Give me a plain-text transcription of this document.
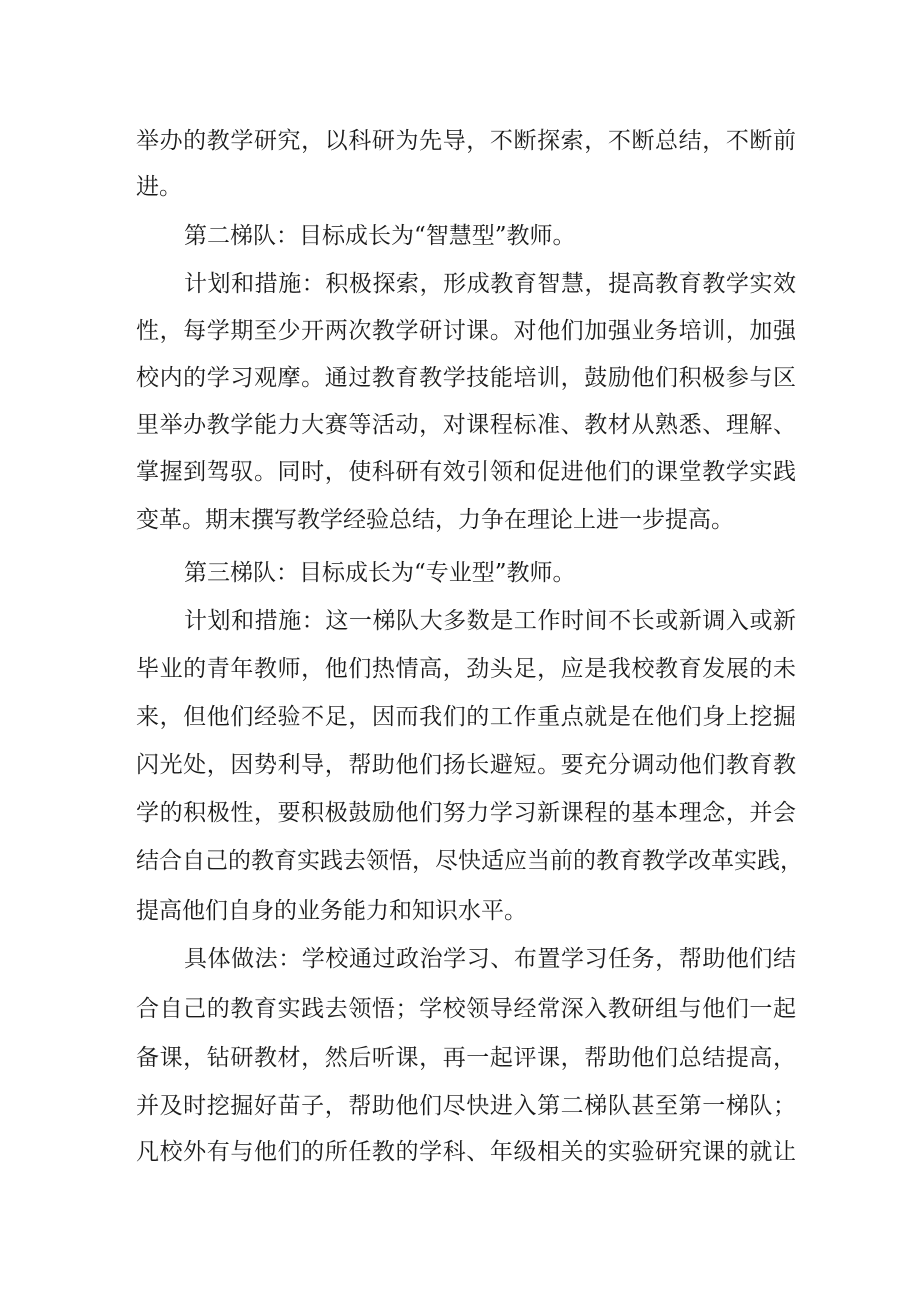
举办的教学研究，以科研为先导，不断探索，不断总结，不断前
进。
第二梯队：目标成长为“智慧型”教师。
计划和措施：积极探索，形成教育智慧，提高教育教学实效
性，每学期至少开两次教学研讨课。对他们加强业务培训，加强
校内的学习观摩。通过教育教学技能培训，鼓励他们积极参与区
里举办教学能力大赛等活动，对课程标准、教材从熟悉、理解、
掌握到驾驭。同时，使科研有效引领和促进他们的课堂教学实践
变革。期末撰写教学经验总结，力争在理论上进一步提高。
第三梯队：目标成长为“专业型”教师。
计划和措施：这一梯队大多数是工作时间不长或新调入或新
毕业的青年教师，他们热情高，劲头足，应是我校教育发展的未
来，但他们经验不足，因而我们的工作重点就是在他们身上挖掘
闪光处，因势利导，帮助他们扬长避短。要充分调动他们教育教
学的积极性，要积极鼓励他们努力学习新课程的基本理念，并会
结合自己的教育实践去领悟，尽快适应当前的教育教学改革实践，
提高他们自身的业务能力和知识水平。
具体做法：学校通过政治学习、布置学习任务，帮助他们结
合自己的教育实践去领悟；学校领导经常深入教研组与他们一起
备课，钻研教材，然后听课，再一起评课，帮助他们总结提高，
并及时挖掘好苗子，帮助他们尽快进入第二梯队甚至第一梯队；
凡校外有与他们的所任教的学科、年级相关的实验研究课的就让
